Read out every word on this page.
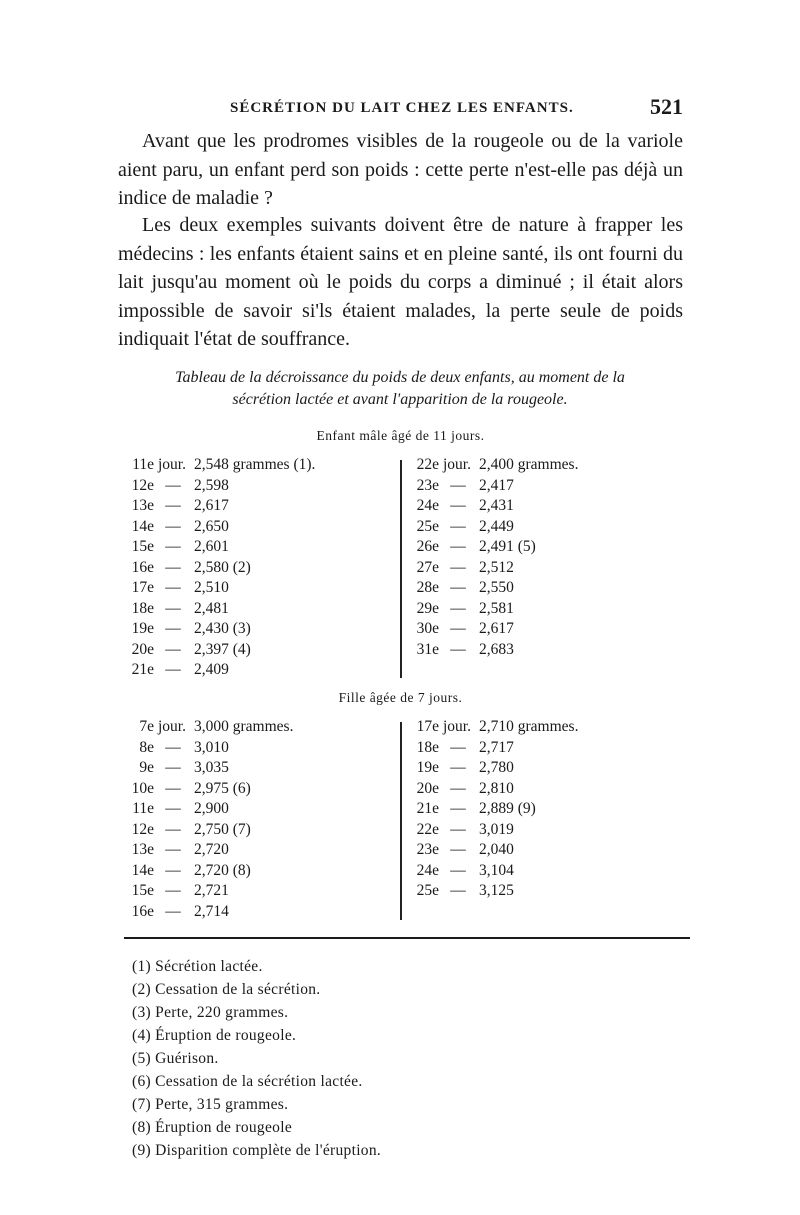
SÉCRÉTION DU LAIT CHEZ LES ENFANTS.	521

Avant que les prodromes visibles de la rougeole ou de la variole aient paru, un enfant perd son poids : cette perte n'est-elle pas déjà un indice de maladie ?

Les deux exemples suivants doivent être de nature à frapper les médecins : les enfants étaient sains et en pleine santé, ils ont fourni du lait jusqu'au moment où le poids du corps a diminué ; il était alors impossible de savoir si'ls étaient malades, la perte seule de poids indiquait l'état de souffrance.

Tableau de la décroissance du poids de deux enfants, au moment de la
sécrétion lactée et avant l'apparition de la rougeole.
Enfant mâle âgé de 11 jours.
11e jour. 2,548 grammes (1).
12e — 2,598
13e — 2,617
14e — 2,650
15e — 2,601
16e — 2,580 (2)
17e — 2,510
18e — 2,481
19e — 2,430 (3)
20e — 2,397 (4)
21e — 2,409
22e jour. 2,400 grammes.
23e — 2,417
24e — 2,431
25e — 2,449
26e — 2,491 (5)
27e — 2,512
28e — 2,550
29e — 2,581
30e — 2,617
31e — 2,683
Fille âgée de 7 jours.
7e jour. 3,000 grammes.
8e — 3,010
9e — 3,035
10e — 2,975 (6)
11e — 2,900
12e — 2,750 (7)
13e — 2,720
14e — 2,720 (8)
15e — 2,721
16e — 2,714
17e jour. 2,710 grammes.
18e — 2,717
19e — 2,780
20e — 2,810
21e — 2,889 (9)
22e — 3,019
23e — 2,040
24e — 3,104
25e — 3,125
(1) Sécrétion lactée.
(2) Cessation de la sécrétion.
(3) Perte, 220 grammes.
(4) Éruption de rougeole.
(5) Guérison.
(6) Cessation de la sécrétion lactée.
(7) Perte, 315 grammes.
(8) Éruption de rougeole
(9) Disparition complète de l'éruption.
